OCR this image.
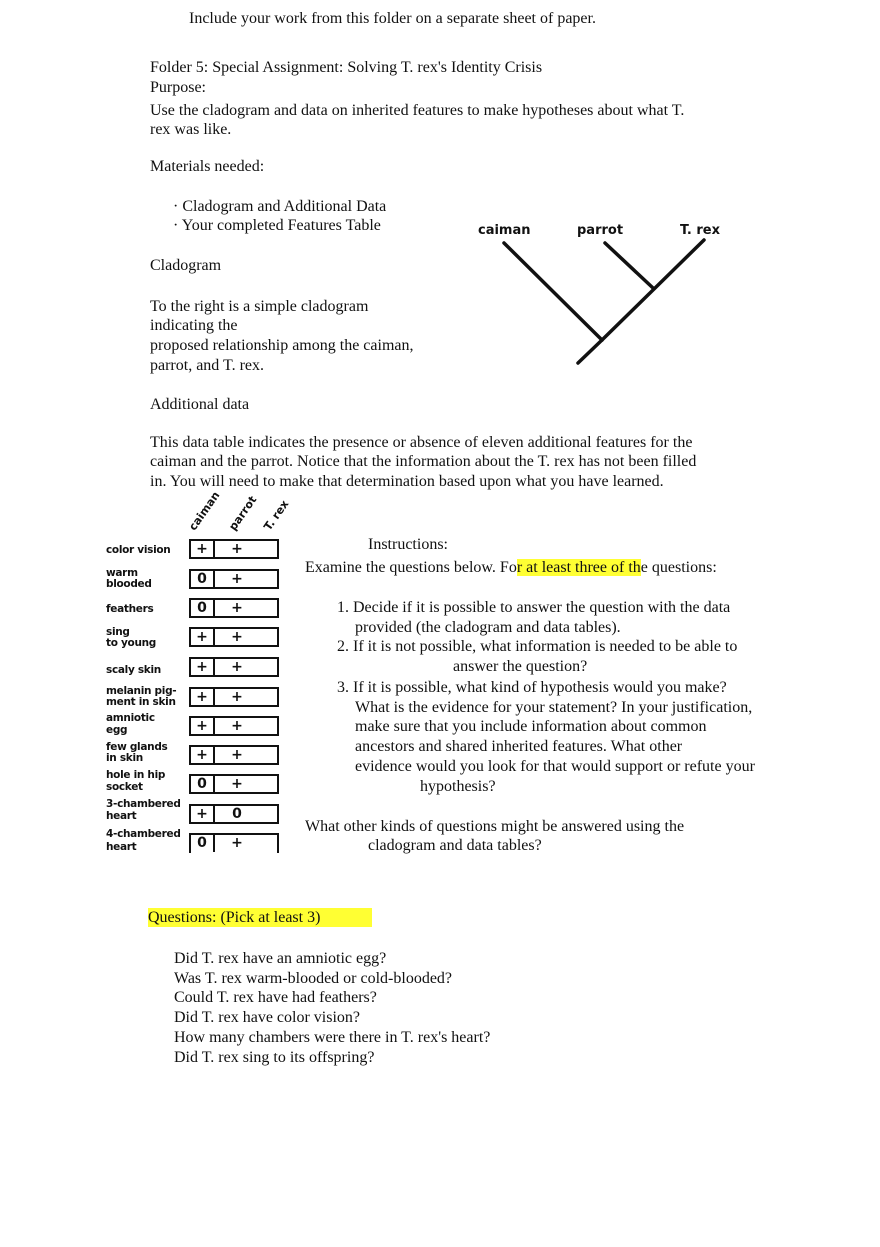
Include your work from this folder on a separate sheet of paper.
Folder 5: Special Assignment: Solving T. rex's Identity Crisis
Purpose:
Use the cladogram and data on inherited features to make hypotheses about what T.
rex was like.
Materials needed:
· Cladogram and Additional Data
· Your completed Features Table
Cladogram
To the right is a simple cladogram
indicating the
proposed relationship among the caiman,
parrot, and T. rex.
caiman	parrot	T. rex
Additional data
This data table indicates the presence or absence of eleven additional features for the
caiman and the parrot. Notice that the information about the T. rex has not been filled
in. You will need to make that determination based upon what you have learned.
caiman parrot T. rex
color vision	+	+
warm
blooded	0	+
feathers	0	+
sing
to young	+	+
scaly skin	+	+
melanin pig-
ment in skin	+	+
amniotic
egg	+	+
few glands
in skin	+	+
hole in hip
socket	0	+
3-chambered
heart	+	0
4-chambered
heart	0	+
Instructions:
Examine the questions below. For at least three of the questions:
1. Decide if it is possible to answer the question with the data
provided (the cladogram and data tables).
2. If it is not possible, what information is needed to be able to
answer the question?
3. If it is possible, what kind of hypothesis would you make?
What is the evidence for your statement? In your justification,
make sure that you include information about common
ancestors and shared inherited features. What other
evidence would you look for that would support or refute your
hypothesis?
What other kinds of questions might be answered using the
cladogram and data tables?
Questions: (Pick at least 3)
Did T. rex have an amniotic egg?
Was T. rex warm-blooded or cold-blooded?
Could T. rex have had feathers?
Did T. rex have color vision?
How many chambers were there in T. rex's heart?
Did T. rex sing to its offspring?
